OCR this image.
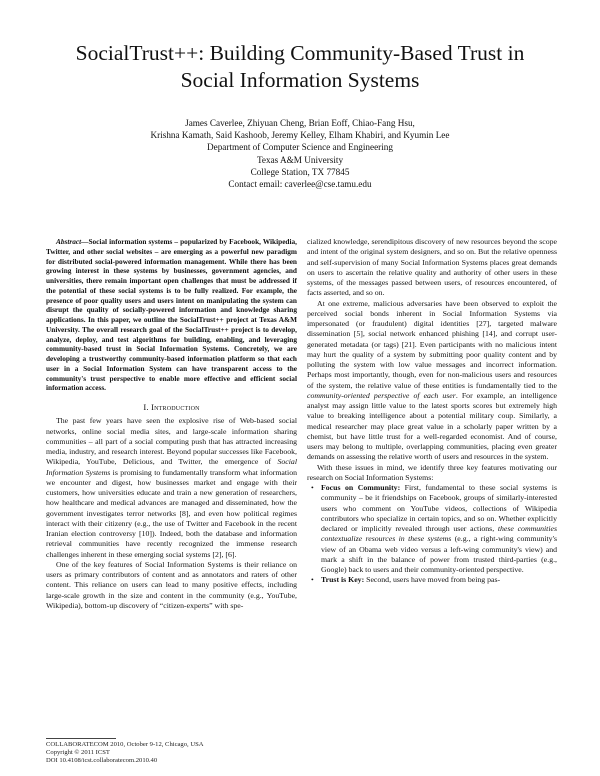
SocialTrust++: Building Community-Based Trust in
Social Information Systems
James Caverlee, Zhiyuan Cheng, Brian Eoff, Chiao-Fang Hsu,
Krishna Kamath, Said Kashoob, Jeremy Kelley, Elham Khabiri, and Kyumin Lee
Department of Computer Science and Engineering
Texas A&M University
College Station, TX 77845
Contact email: caverlee@cse.tamu.edu

Abstract—Social information systems – popularized by Facebook, Wikipedia, Twitter, and other social websites – are emerging as a powerful new paradigm for distributed social-powered information management. While there has been growing interest in these systems by businesses, government agencies, and universities, there remain important open challenges that must be addressed if the potential of these social systems is to be fully realized. For example, the presence of poor quality users and users intent on manipulating the system can disrupt the quality of socially-powered information and knowledge sharing applications. In this paper, we outline the SocialTrust++ project at Texas A&M University. The overall research goal of the SocialTrust++ project is to develop, analyze, deploy, and test algorithms for building, enabling, and leveraging community-based trust in Social Information Systems. Concretely, we are developing a trustworthy community-based information platform so that each user in a Social Information System can have transparent access to the community's trust perspective to enable more effective and efficient social information access.

I. Introduction

The past few years have seen the explosive rise of Web-based social networks, online social media sites, and large-scale information sharing communities – all part of a social computing push that has attracted increasing media, industry, and research interest. Beyond popular successes like Facebook, Wikipedia, YouTube, Delicious, and Twitter, the emergence of Social Information Systems is promising to fundamentally transform what information we encounter and digest, how businesses market and engage with their customers, how universities educate and train a new generation of researchers, how healthcare and medical advances are managed and disseminated, how the government investigates terror networks [8], and even how political regimes interact with their citizenry (e.g., the use of Twitter and Facebook in the recent Iranian election controversy [10]). Indeed, both the database and information retrieval communities have recently recognized the immense research challenges inherent in these emerging social systems [2], [6].

One of the key features of Social Information Systems is their reliance on users as primary contributors of content and as annotators and raters of other content. This reliance on users can lead to many positive effects, including large-scale growth in the size and content in the community (e.g., YouTube, Wikipedia), bottom-up discovery of “citizen-experts” with spe-

cialized knowledge, serendipitous discovery of new resources beyond the scope and intent of the original system designers, and so on. But the relative openness and self-supervision of many Social Information Systems places great demands on users to ascertain the relative quality and authority of other users in these systems, of the messages passed between users, of resources encountered, of facts asserted, and so on.

At one extreme, malicious adversaries have been observed to exploit the perceived social bonds inherent in Social Information Systems via impersonated (or fraudulent) digital identities [27], targeted malware dissemination [5], social network enhanced phishing [14], and corrupt user-generated metadata (or tags) [21]. Even participants with no malicious intent may hurt the quality of a system by submitting poor quality content and by polluting the system with low value messages and incorrect information. Perhaps most importantly, though, even for non-malicious users and resources of the system, the relative value of these entities is fundamentally tied to the community-oriented perspective of each user. For example, an intelligence analyst may assign little value to the latest sports scores but extremely high value to breaking intelligence about a potential military coup. Similarly, a medical researcher may place great value in a scholarly paper written by a chemist, but have little trust for a well-regarded economist. And of course, users may belong to multiple, overlapping communities, placing even greater demands on assessing the relative worth of users and resources in the system.

With these issues in mind, we identify three key features motivating our research on Social Information Systems:

• Focus on Community: First, fundamental to these social systems is community – be it friendships on Facebook, groups of similarly-interested users who comment on YouTube videos, collections of Wikipedia contributors who specialize in certain topics, and so on. Whether explicitly declared or implicitly revealed through user actions, these communities contextualize resources in these systems (e.g., a right-wing community's view of an Obama web video versus a left-wing community's view) and mark a shift in the balance of power from trusted third-parties (e.g., Google) back to users and their community-oriented perspective.
• Trust is Key: Second, users have moved from being pas-
COLLABORATECOM 2010, October 9-12, Chicago, USA
Copyright © 2011 ICST
DOI 10.4108/icst.collaboratecom.2010.40
